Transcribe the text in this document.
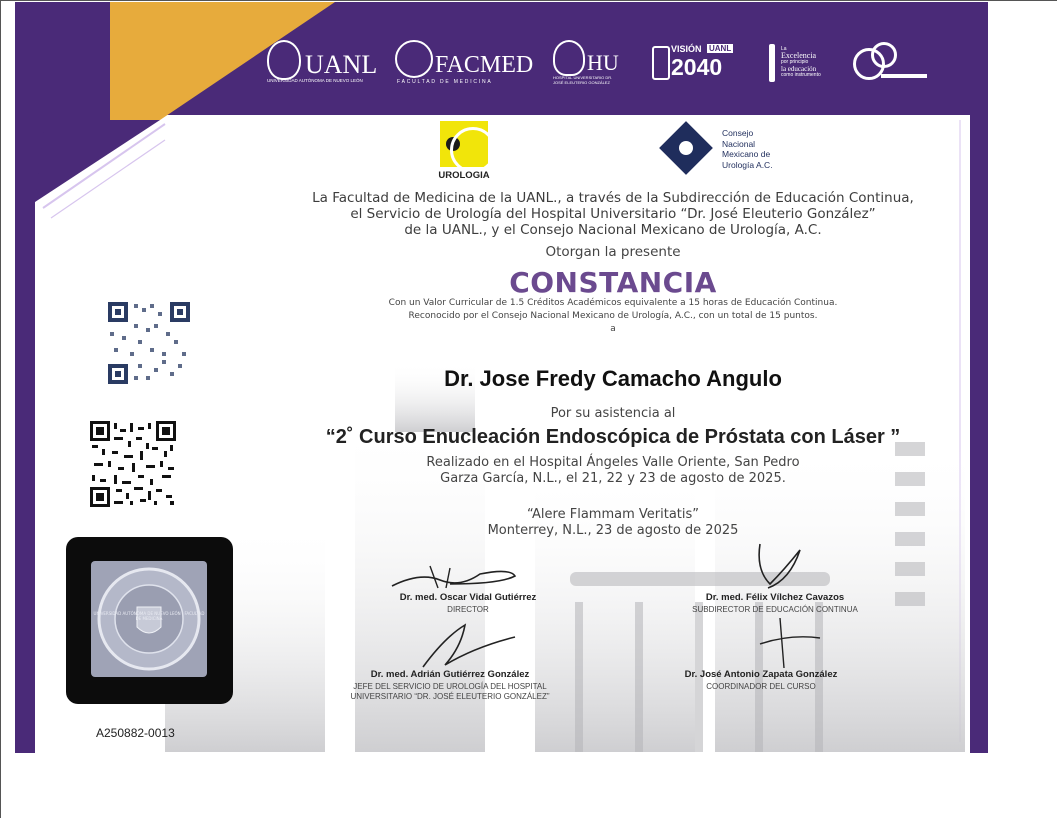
UANL
UNIVERSIDAD AUTÓNOMA DE NUEVO LEÓN
FACMED
FACULTAD DE MEDICINA
HU
HOSPITAL UNIVERSITARIO DR. JOSÉ ELEUTERIO GONZÁLEZ
VISIÓN UANL
2040
La
Excelencia
por principio
la educación
como instrumento
UROLOGIA
Consejo
Nacional
Mexicano de
Urología A.C.
La Facultad de Medicina de la UANL., a través de la Subdirección de Educación Continua,
el Servicio de Urología del Hospital Universitario “Dr. José Eleuterio González”
de la UANL., y el Consejo Nacional Mexicano de Urología, A.C.
Otorgan la presente
CONSTANCIA
Con un Valor Curricular de 1.5 Créditos Académicos equivalente a 15 horas de Educación Continua.
Reconocido por el Consejo Nacional Mexicano de Urología, A.C., con un total de 15 puntos.
a
Dr. Jose Fredy Camacho Angulo
Por su asistencia al
“2˚ Curso Enucleación Endoscópica de Próstata con Láser ”
Realizado en el Hospital Ángeles Valle Oriente, San Pedro
Garza García, N.L., el 21, 22 y 23 de agosto de 2025.
“Alere Flammam Veritatis”
Monterrey, N.L., 23 de agosto de 2025
UNIVERSIDAD AUTÓNOMA DE NUEVO LEÓN · FACULTAD DE MEDICINA
Dr. med. Oscar Vidal Gutiérrez
DIRECTOR
Dr. med. Félix Vílchez Cavazos
SUBDIRECTOR DE EDUCACIÓN CONTINUA
Dr. med. Adrián Gutiérrez González
JEFE DEL SERVICIO DE UROLOGÍA DEL HOSPITAL
UNIVERSITARIO “DR. JOSÉ ELEUTERIO GONZÁLEZ”
Dr. José Antonio Zapata González
COORDINADOR DEL CURSO
A250882-0013
